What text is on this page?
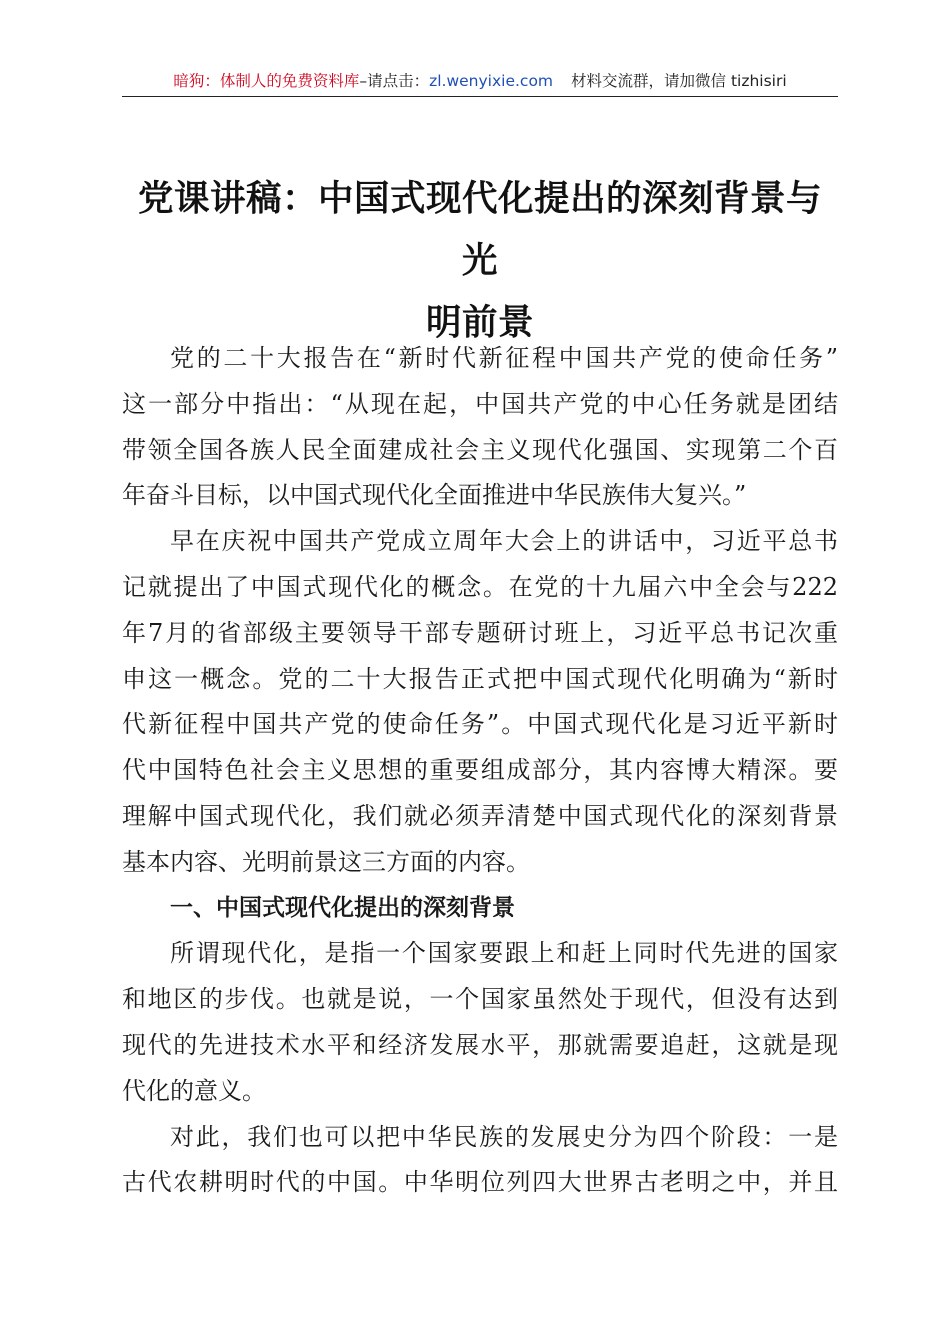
暗狗：体制人的免费资料库–请点击：zl.wenyixie.com 材料交流群，请加微信 tizhisiri
党课讲稿：中国式现代化提出的深刻背景与光
明前景
党的二十大报告在“新时代新征程中国共产党的使命任务”
这一部分中指出：“从现在起，中国共产党的中心任务就是团结
带领全国各族人民全面建成社会主义现代化强国、实现第二个百
年奋斗目标，以中国式现代化全面推进中华民族伟大复兴。”
早在庆祝中国共产党成立周年大会上的讲话中，习近平总书
记就提出了中国式现代化的概念。在党的十九届六中全会与222
年7月的省部级主要领导干部专题研讨班上，习近平总书记次重
申这一概念。党的二十大报告正式把中国式现代化明确为“新时
代新征程中国共产党的使命任务”。中国式现代化是习近平新时
代中国特色社会主义思想的重要组成部分，其内容博大精深。要
理解中国式现代化，我们就必须弄清楚中国式现代化的深刻背景
基本内容、光明前景这三方面的内容。
一、中国式现代化提出的深刻背景
所谓现代化，是指一个国家要跟上和赶上同时代先进的国家
和地区的步伐。也就是说，一个国家虽然处于现代，但没有达到
现代的先进技术水平和经济发展水平，那就需要追赶，这就是现
代化的意义。
对此，我们也可以把中华民族的发展史分为四个阶段：一是
古代农耕明时代的中国。中华明位列四大世界古老明之中，并且
